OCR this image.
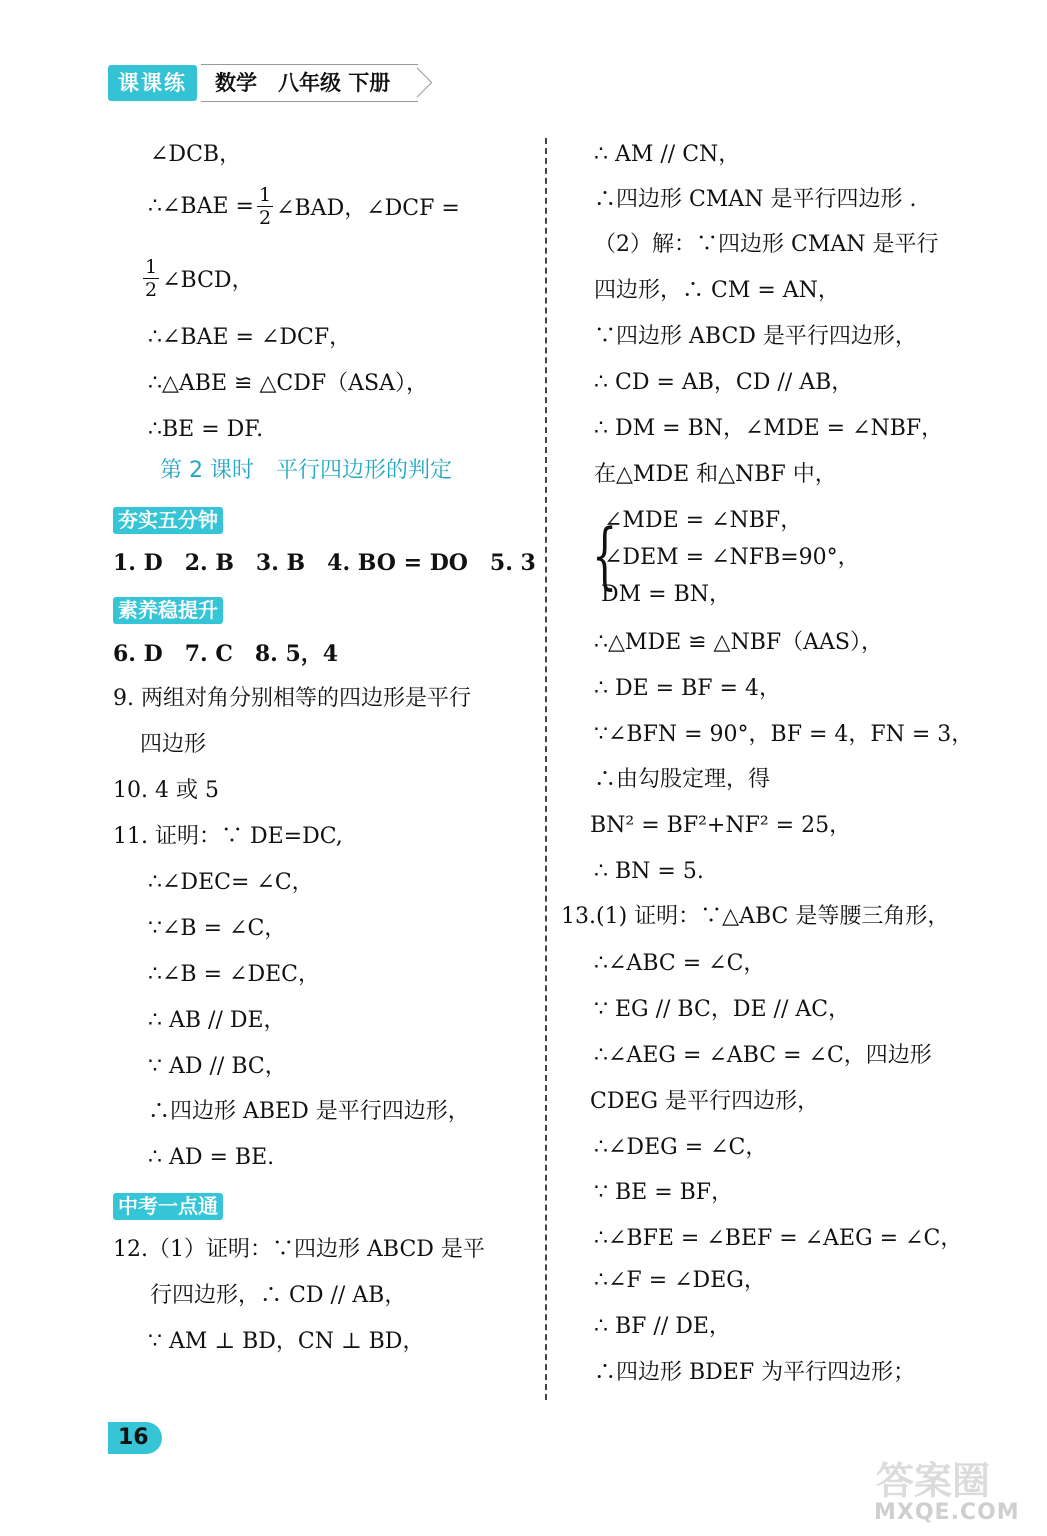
课课练	数学　八年级 下册
∠DCB，
∴∠BAE = $\frac{1}{2}$ ∠BAD，∠DCF =
$\frac{1}{2}$ ∠BCD，
∴∠BAE = ∠DCF，
∴△ABE ≌ △CDF（ASA），
∴BE = DF.
第 2 课时　平行四边形的判定
夯实五分钟
1. D　2. B　3. B　4. BO = DO　5. 3
素养稳提升
6. D　7. C　8. 5，4
9. 两组对角分别相等的四边形是平行
四边形
10. 4 或 5
11. 证明：∵ DE=DC,
∴∠DEC= ∠C，
∵∠B = ∠C，
∴∠B = ∠DEC，
∴ AB // DE，
∵ AD // BC，
∴四边形 ABED 是平行四边形，
∴ AD = BE.
中考一点通
12.（1）证明：∵四边形 ABCD 是平
行四边形，∴ CD // AB，
∵ AM ⊥ BD，CN ⊥ BD，
∴ AM // CN，
∴四边形 CMAN 是平行四边形 .
（2）解：∵四边形 CMAN 是平行
四边形，∴ CM = AN，
∵四边形 ABCD 是平行四边形，
∴ CD = AB，CD // AB，
∴ DM = BN，∠MDE = ∠NBF，
在△MDE 和△NBF 中，
{
∠MDE = ∠NBF，
∠DEM = ∠NFB=90°，
DM = BN，
∴△MDE ≌ △NBF（AAS），
∴ DE = BF = 4，
∵∠BFN = 90°，BF = 4，FN = 3，
∴由勾股定理，得
BN² = BF²+NF² = 25，
∴ BN = 5.
13.(1) 证明：∵△ABC 是等腰三角形，
∴∠ABC = ∠C，
∵ EG // BC，DE // AC，
∴∠AEG = ∠ABC = ∠C，四边形
CDEG 是平行四边形，
∴∠DEG = ∠C，
∵ BE = BF，
∴∠BFE = ∠BEF = ∠AEG = ∠C，
∴∠F = ∠DEG，
∴ BF // DE，
∴四边形 BDEF 为平行四边形；
16
答案圈
MXQE.COM
